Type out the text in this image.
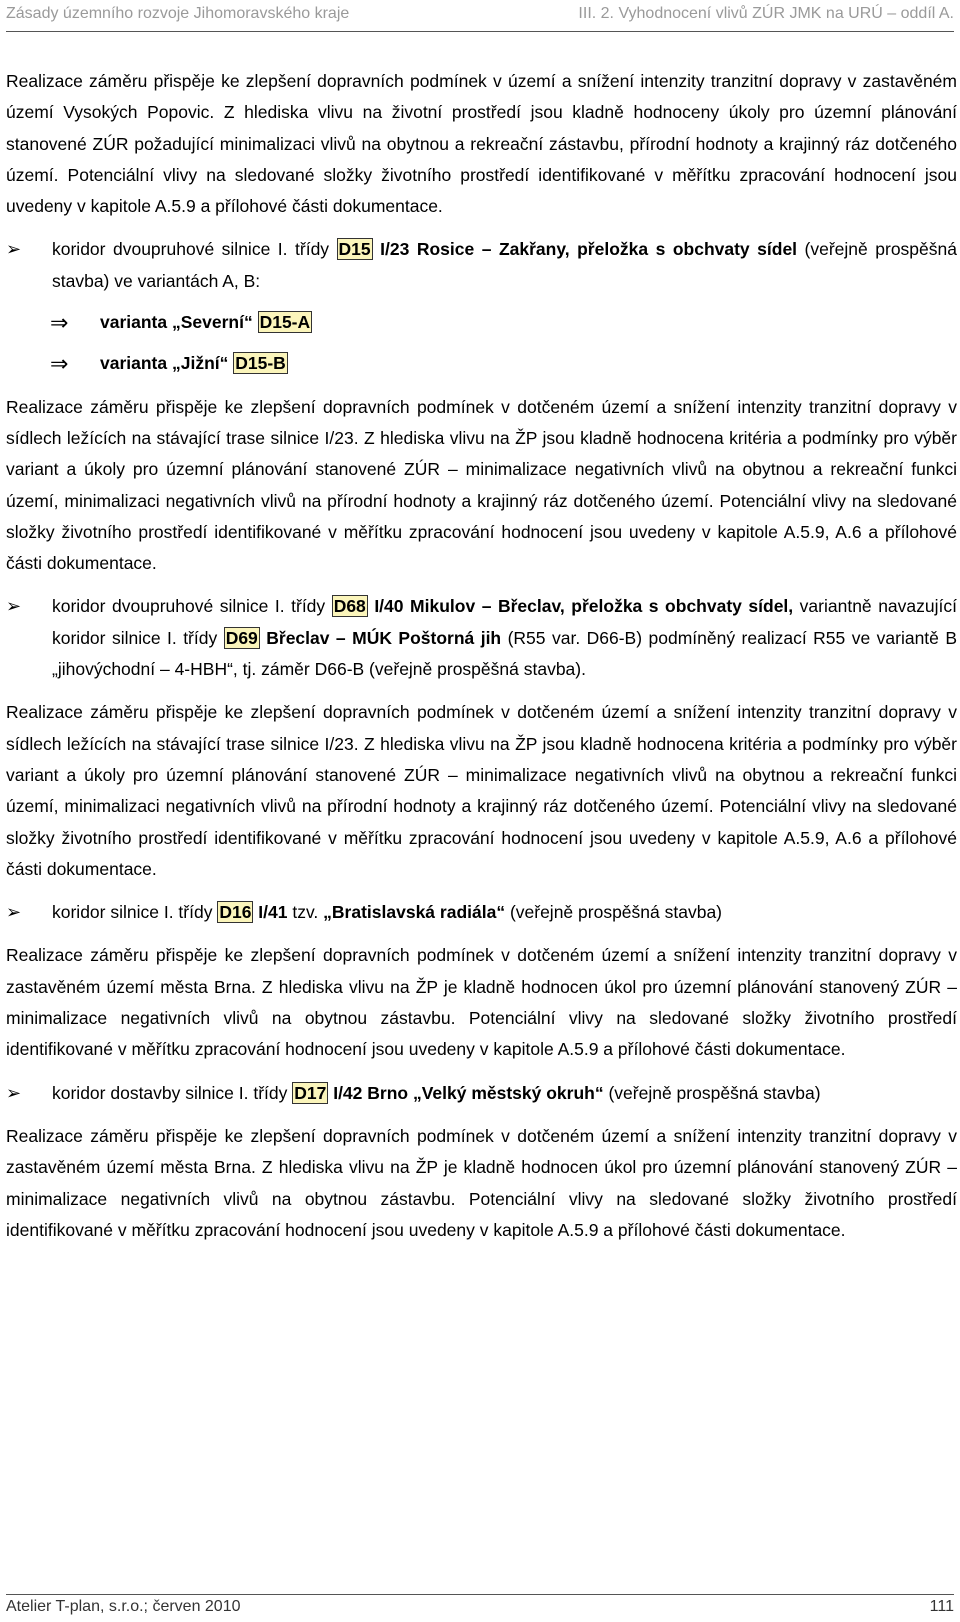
Zásady územního rozvoje Jihomoravského kraje	III. 2. Vyhodnocení vlivů ZÚR JMK na URÚ – oddíl A.

Realizace záměru přispěje ke zlepšení dopravních podmínek v území a snížení intenzity tranzitní dopravy v zastavěném území Vysokých Popovic. Z hlediska vlivu na životní prostředí jsou kladně hodnoceny úkoly pro územní plánování stanovené ZÚR požadující minimalizaci vlivů na obytnou a rekreační zástavbu, přírodní hodnoty a krajinný ráz dotčeného území. Potenciální vlivy na sledované složky životního prostředí identifikované v měřítku zpracování hodnocení jsou uvedeny v kapitole A.5.9 a přílohové části dokumentace.

➢ koridor dvoupruhové silnice I. třídy D15 I/23 Rosice – Zakřany, přeložka s obchvaty sídel (veřejně prospěšná stavba) ve variantách A, B:
⇒ varianta „Severní“ D15-A
⇒ varianta „Jižní“ D15-B

Realizace záměru přispěje ke zlepšení dopravních podmínek v dotčeném území a snížení intenzity tranzitní dopravy v sídlech ležících na stávající trase silnice I/23. Z hlediska vlivu na ŽP jsou kladně hodnocena kritéria a podmínky pro výběr variant a úkoly pro územní plánování stanovené ZÚR – minimalizace negativních vlivů na obytnou a rekreační funkci území, minimalizaci negativních vlivů na přírodní hodnoty a krajinný ráz dotčeného území. Potenciální vlivy na sledované složky životního prostředí identifikované v měřítku zpracování hodnocení jsou uvedeny v kapitole A.5.9, A.6 a přílohové části dokumentace.

➢ koridor dvoupruhové silnice I. třídy D68 I/40 Mikulov – Břeclav, přeložka s obchvaty sídel, variantně navazující koridor silnice I. třídy D69 Břeclav – MÚK Poštorná jih (R55 var. D66-B) podmíněný realizací R55 ve variantě B „jihovýchodní – 4-HBH“, tj. záměr D66-B (veřejně prospěšná stavba).

Realizace záměru přispěje ke zlepšení dopravních podmínek v dotčeném území a snížení intenzity tranzitní dopravy v sídlech ležících na stávající trase silnice I/23. Z hlediska vlivu na ŽP jsou kladně hodnocena kritéria a podmínky pro výběr variant a úkoly pro územní plánování stanovené ZÚR – minimalizace negativních vlivů na obytnou a rekreační funkci území, minimalizaci negativních vlivů na přírodní hodnoty a krajinný ráz dotčeného území. Potenciální vlivy na sledované složky životního prostředí identifikované v měřítku zpracování hodnocení jsou uvedeny v kapitole A.5.9, A.6 a přílohové části dokumentace.

➢ koridor silnice I. třídy D16 I/41 tzv. „Bratislavská radiála“ (veřejně prospěšná stavba)

Realizace záměru přispěje ke zlepšení dopravních podmínek v dotčeném území a snížení intenzity tranzitní dopravy v zastavěném území města Brna. Z hlediska vlivu na ŽP je kladně hodnocen úkol pro územní plánování stanovený ZÚR – minimalizace negativních vlivů na obytnou zástavbu. Potenciální vlivy na sledované složky životního prostředí identifikované v měřítku zpracování hodnocení jsou uvedeny v kapitole A.5.9 a přílohové části dokumentace.

➢ koridor dostavby silnice I. třídy D17 I/42 Brno „Velký městský okruh“ (veřejně prospěšná stavba)

Realizace záměru přispěje ke zlepšení dopravních podmínek v dotčeném území a snížení intenzity tranzitní dopravy v zastavěném území města Brna. Z hlediska vlivu na ŽP je kladně hodnocen úkol pro územní plánování stanovený ZÚR – minimalizace negativních vlivů na obytnou zástavbu. Potenciální vlivy na sledované složky životního prostředí identifikované v měřítku zpracování hodnocení jsou uvedeny v kapitole A.5.9 a přílohové části dokumentace.

Atelier T-plan, s.r.o.; červen 2010	111
